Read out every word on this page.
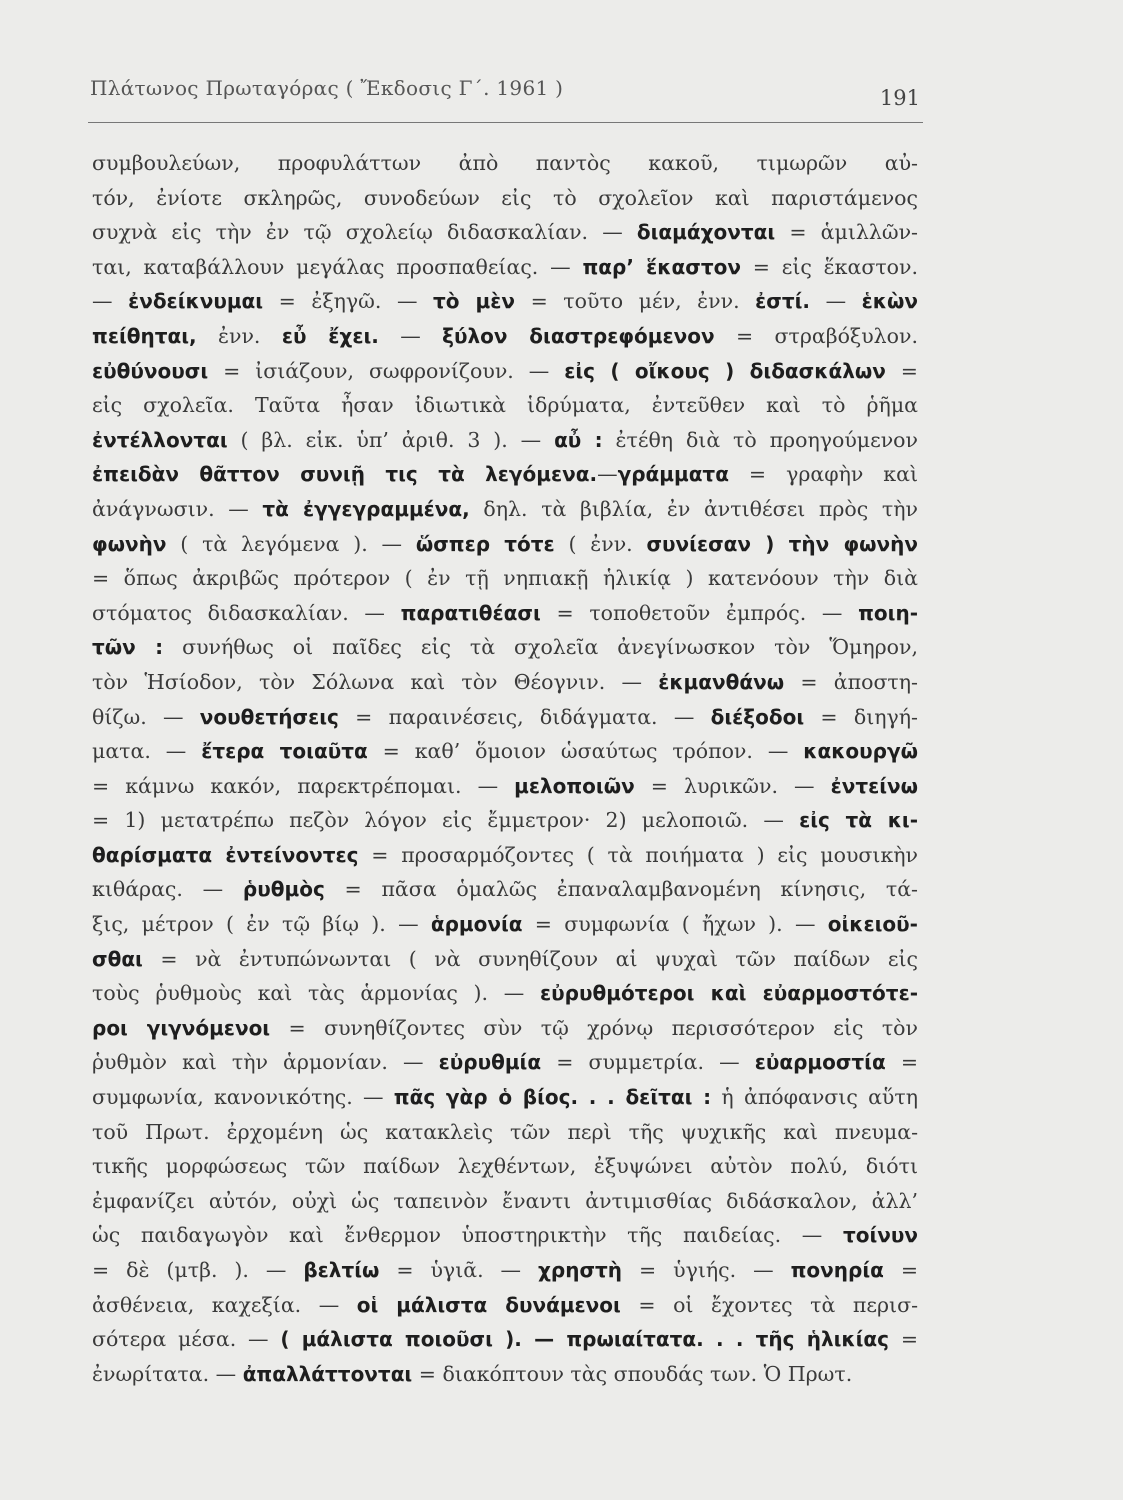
Πλάτωνος Πρωταγόρας ( Ἔκδοσις Γ΄. 1961 )	191
συμβουλεύων, προφυλάττων ἀπὸ παντὸς κακοῦ, τιμωρῶν αὐ-
τόν, ἐνίοτε σκληρῶς, συνοδεύων εἰς τὸ σχολεῖον καὶ παριστάμενος
συχνὰ εἰς τὴν ἐν τῷ σχολείῳ διδασκαλίαν. — διαμάχονται = ἁμιλλῶν-
ται, καταβάλλουν μεγάλας προσπαθείας. — παρ’ ἕκαστον = εἰς ἕκαστον.
— ἐνδείκνυμαι = ἐξηγῶ. — τὸ μὲν = τοῦτο μέν, ἐνν. ἐστί. — ἑκὼν
πείθηται, ἐνν. εὖ ἔχει. — ξύλον διαστρεφόμενον = στραβόξυλον.
εὐθύνουσι = ἰσιάζουν, σωφρονίζουν. — εἰς ( οἴκους ) διδασκάλων =
εἰς σχολεῖα. Ταῦτα ἦσαν ἰδιωτικὰ ἱδρύματα, ἐντεῦθεν καὶ τὸ ῥῆμα
ἐντέλλονται ( βλ. εἰκ. ὑπ’ ἀριθ. 3 ). — αὖ : ἐτέθη διὰ τὸ προηγούμενον
ἐπειδὰν θᾶττον συνιῇ τις τὰ λεγόμενα.—γράμματα = γραφὴν καὶ
ἀνάγνωσιν. — τὰ ἐγγεγραμμένα, δηλ. τὰ βιβλία, ἐν ἀντιθέσει πρὸς τὴν
φωνὴν ( τὰ λεγόμενα ). — ὥσπερ τότε ( ἐνν. συνίεσαν ) τὴν φωνὴν
= ὅπως ἀκριβῶς πρότερον ( ἐν τῇ νηπιακῇ ἡλικίᾳ ) κατενόουν τὴν διὰ
στόματος διδασκαλίαν. — παρατιθέασι = τοποθετοῦν ἐμπρός. — ποιη-
τῶν : συνήθως οἱ παῖδες εἰς τὰ σχολεῖα ἀνεγίνωσκον τὸν Ὅμηρον,
τὸν Ἡσίοδον, τὸν Σόλωνα καὶ τὸν Θέογνιν. — ἐκμανθάνω = ἀποστη-
θίζω. — νουθετήσεις = παραινέσεις, διδάγματα. — διέξοδοι = διηγή-
ματα. — ἔτερα τοιαῦτα = καθ’ ὅμοιον ὡσαύτως τρόπον. — κακουργῶ
= κάμνω κακόν, παρεκτρέπομαι. — μελοποιῶν = λυρικῶν. — ἐντείνω
= 1) μετατρέπω πεζὸν λόγον εἰς ἔμμετρον· 2) μελοποιῶ. — εἰς τὰ κι-
θαρίσματα ἐντείνοντες = προσαρμόζοντες ( τὰ ποιήματα ) εἰς μουσικὴν
κιθάρας. — ῥυθμὸς = πᾶσα ὁμαλῶς ἐπαναλαμβανομένη κίνησις, τά-
ξις, μέτρον ( ἐν τῷ βίῳ ). — ἁρμονία = συμφωνία ( ἤχων ). — οἰκειοῦ-
σθαι = νὰ ἐντυπώνωνται ( νὰ συνηθίζουν αἱ ψυχαὶ τῶν παίδων εἰς
τοὺς ῥυθμοὺς καὶ τὰς ἁρμονίας ). — εὐρυθμότεροι καὶ εὐαρμοστότε-
ροι γιγνόμενοι = συνηθίζοντες σὺν τῷ χρόνῳ περισσότερον εἰς τὸν
ῥυθμὸν καὶ τὴν ἁρμονίαν. — εὐρυθμία = συμμετρία. — εὐαρμοστία =
συμφωνία, κανονικότης. — πᾶς γὰρ ὁ βίος. . . δεῖται : ἡ ἀπόφανσις αὕτη
τοῦ Πρωτ. ἐρχομένη ὡς κατακλεὶς τῶν περὶ τῆς ψυχικῆς καὶ πνευμα-
τικῆς μορφώσεως τῶν παίδων λεχθέντων, ἐξυψώνει αὐτὸν πολύ, διότι
ἐμφανίζει αὐτόν, οὐχὶ ὡς ταπεινὸν ἔναντι ἀντιμισθίας διδάσκαλον, ἀλλ’
ὡς παιδαγωγὸν καὶ ἔνθερμον ὑποστηρικτὴν τῆς παιδείας. — τοίνυν
= δὲ (μτβ. ). — βελτίω = ὑγιᾶ. — χρηστὴ = ὑγιής. — πονηρία =
ἀσθένεια, καχεξία. — οἱ μάλιστα δυνάμενοι = οἱ ἔχοντες τὰ περισ-
σότερα μέσα. — ( μάλιστα ποιοῦσι ). — πρωιαίτατα. . . τῆς ἡλικίας =
ἐνωρίτατα. — ἀπαλλάττονται = διακόπτουν τὰς σπουδάς των. Ὁ Πρωτ.
